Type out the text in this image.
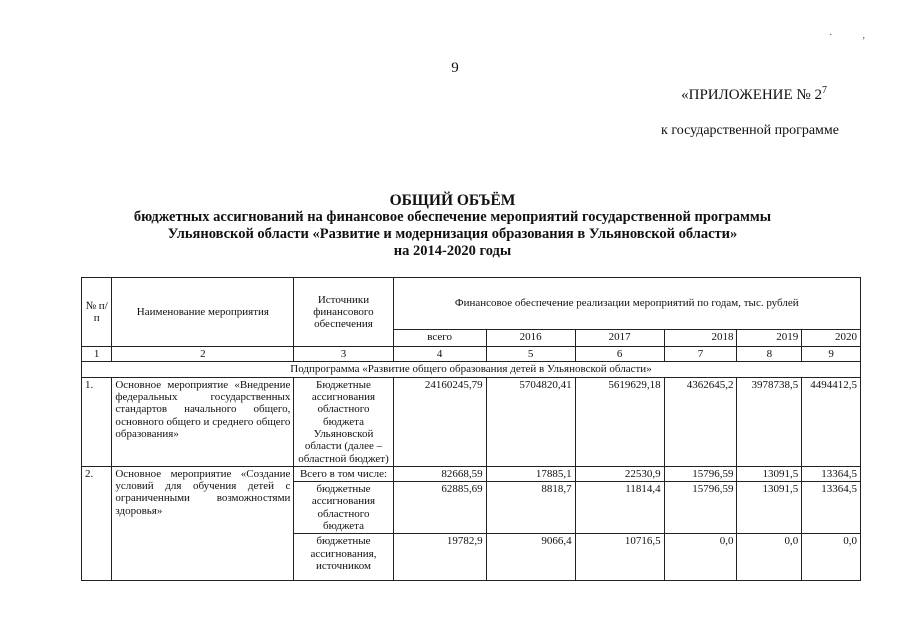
·            ,
9
«ПРИЛОЖЕНИЕ № $2^7$
к государственной программе
ОБЩИЙ ОБЪЁМ
бюджетных ассигнований на финансовое обеспечение мероприятий государственной программы
Ульяновской области «Развитие и модернизация образования в Ульяновской области»
на 2014-2020 годы
№ п/п	Наименование мероприятия	Источники финансового обеспечения	Финансовое обеспечение реализации мероприятий по годам, тыс. рублей					
			всего	2016	2017	2018	2019	2020
1	2	3	4	5	6	7	8	9
Подпрограмма «Развитие общего образования детей в Ульяновской области»								
1.	Основное мероприятие «Внедрение федеральных государственных стандартов начального общего, основного общего и среднего общего образования»	Бюджетные ассигнования областного бюджета Ульяновской области (далее – областной бюджет)	24160245,79	5704820,41	5619629,18	4362645,2	3978738,5	4494412,5
2.	Основное мероприятие «Создание условий для обучения детей с ограниченными возможностями здоровья»	Всего в том числе:	82668,59	17885,1	22530,9	15796,59	13091,5	13364,5
		бюджетные ассигнования областного бюджета	62885,69	8818,7	11814,4	15796,59	13091,5	13364,5

		бюджетные ассигнования, источником	19782,9	9066,4	10716,5	0,0	0,0	0,0
